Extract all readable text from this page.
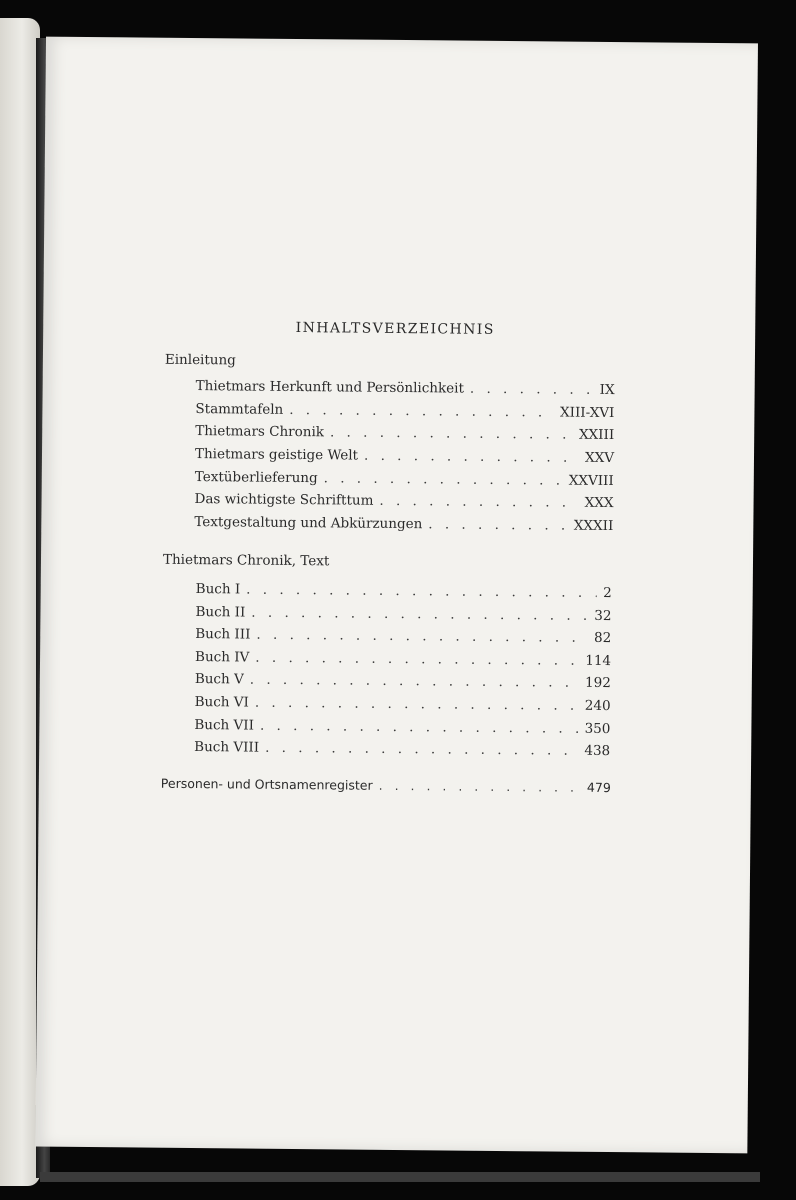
INHALTSVERZEICHNIS
Einleitung
Thietmars Herkunft und Persönlichkeit . . .	IX
Stammtafeln . . .	XIII-XVI
Thietmars Chronik . . .	XXIII
Thietmars geistige Welt . . .	XXV
Textüberlieferung . . .	XXVIII
Das wichtigste Schrifttum . . .	XXX
Textgestaltung und Abkürzungen . . .	XXXII
Thietmars Chronik, Text
Buch I . . .	2
Buch II . . .	32
Buch III . . .	82
Buch IV . . .	114
Buch V . . .	192
Buch VI . . .	240
Buch VII . . .	350
Buch VIII . . .	438
Personen- und Ortsnamenregister . . .	479
